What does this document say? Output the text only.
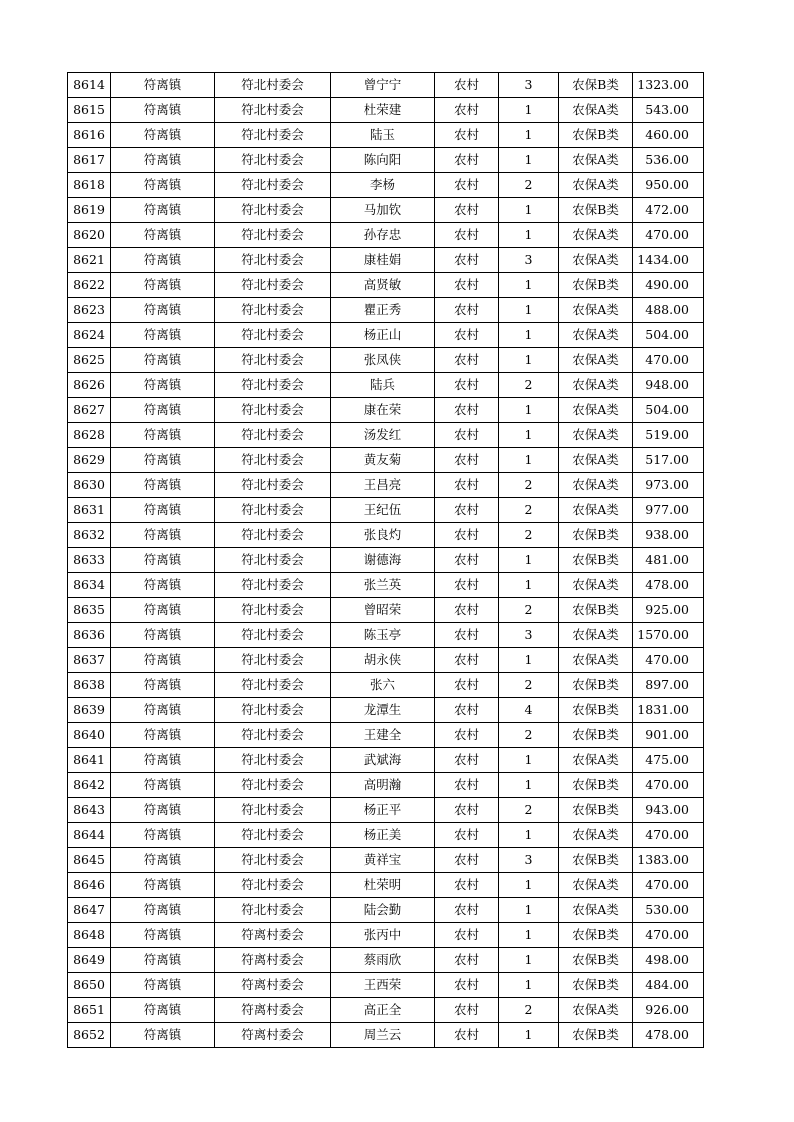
8614	符离镇	符北村委会	曾宁宁	农村	3	农保B类	1323.00
8615	符离镇	符北村委会	杜荣建	农村	1	农保A类	543.00
8616	符离镇	符北村委会	陆玉	农村	1	农保B类	460.00
8617	符离镇	符北村委会	陈向阳	农村	1	农保A类	536.00
8618	符离镇	符北村委会	李杨	农村	2	农保A类	950.00
8619	符离镇	符北村委会	马加钦	农村	1	农保B类	472.00
8620	符离镇	符北村委会	孙存忠	农村	1	农保A类	470.00
8621	符离镇	符北村委会	康桂娟	农村	3	农保A类	1434.00
8622	符离镇	符北村委会	高贤敏	农村	1	农保B类	490.00
8623	符离镇	符北村委会	瞿正秀	农村	1	农保A类	488.00
8624	符离镇	符北村委会	杨正山	农村	1	农保A类	504.00
8625	符离镇	符北村委会	张凤侠	农村	1	农保A类	470.00
8626	符离镇	符北村委会	陆兵	农村	2	农保A类	948.00
8627	符离镇	符北村委会	康在荣	农村	1	农保A类	504.00
8628	符离镇	符北村委会	汤发红	农村	1	农保A类	519.00
8629	符离镇	符北村委会	黄友菊	农村	1	农保A类	517.00
8630	符离镇	符北村委会	王昌亮	农村	2	农保A类	973.00
8631	符离镇	符北村委会	王纪伍	农村	2	农保A类	977.00
8632	符离镇	符北村委会	张良灼	农村	2	农保B类	938.00
8633	符离镇	符北村委会	谢德海	农村	1	农保B类	481.00
8634	符离镇	符北村委会	张兰英	农村	1	农保A类	478.00
8635	符离镇	符北村委会	曾昭荣	农村	2	农保B类	925.00
8636	符离镇	符北村委会	陈玉亭	农村	3	农保A类	1570.00
8637	符离镇	符北村委会	胡永侠	农村	1	农保A类	470.00
8638	符离镇	符北村委会	张六	农村	2	农保B类	897.00
8639	符离镇	符北村委会	龙潭生	农村	4	农保B类	1831.00
8640	符离镇	符北村委会	王建全	农村	2	农保B类	901.00
8641	符离镇	符北村委会	武斌海	农村	1	农保A类	475.00
8642	符离镇	符北村委会	高明瀚	农村	1	农保B类	470.00
8643	符离镇	符北村委会	杨正平	农村	2	农保B类	943.00
8644	符离镇	符北村委会	杨正美	农村	1	农保A类	470.00
8645	符离镇	符北村委会	黄祥宝	农村	3	农保B类	1383.00
8646	符离镇	符北村委会	杜荣明	农村	1	农保A类	470.00
8647	符离镇	符北村委会	陆会勤	农村	1	农保A类	530.00
8648	符离镇	符离村委会	张丙中	农村	1	农保B类	470.00
8649	符离镇	符离村委会	蔡雨欣	农村	1	农保B类	498.00
8650	符离镇	符离村委会	王西荣	农村	1	农保B类	484.00
8651	符离镇	符离村委会	高正全	农村	2	农保A类	926.00
8652	符离镇	符离村委会	周兰云	农村	1	农保B类	478.00
